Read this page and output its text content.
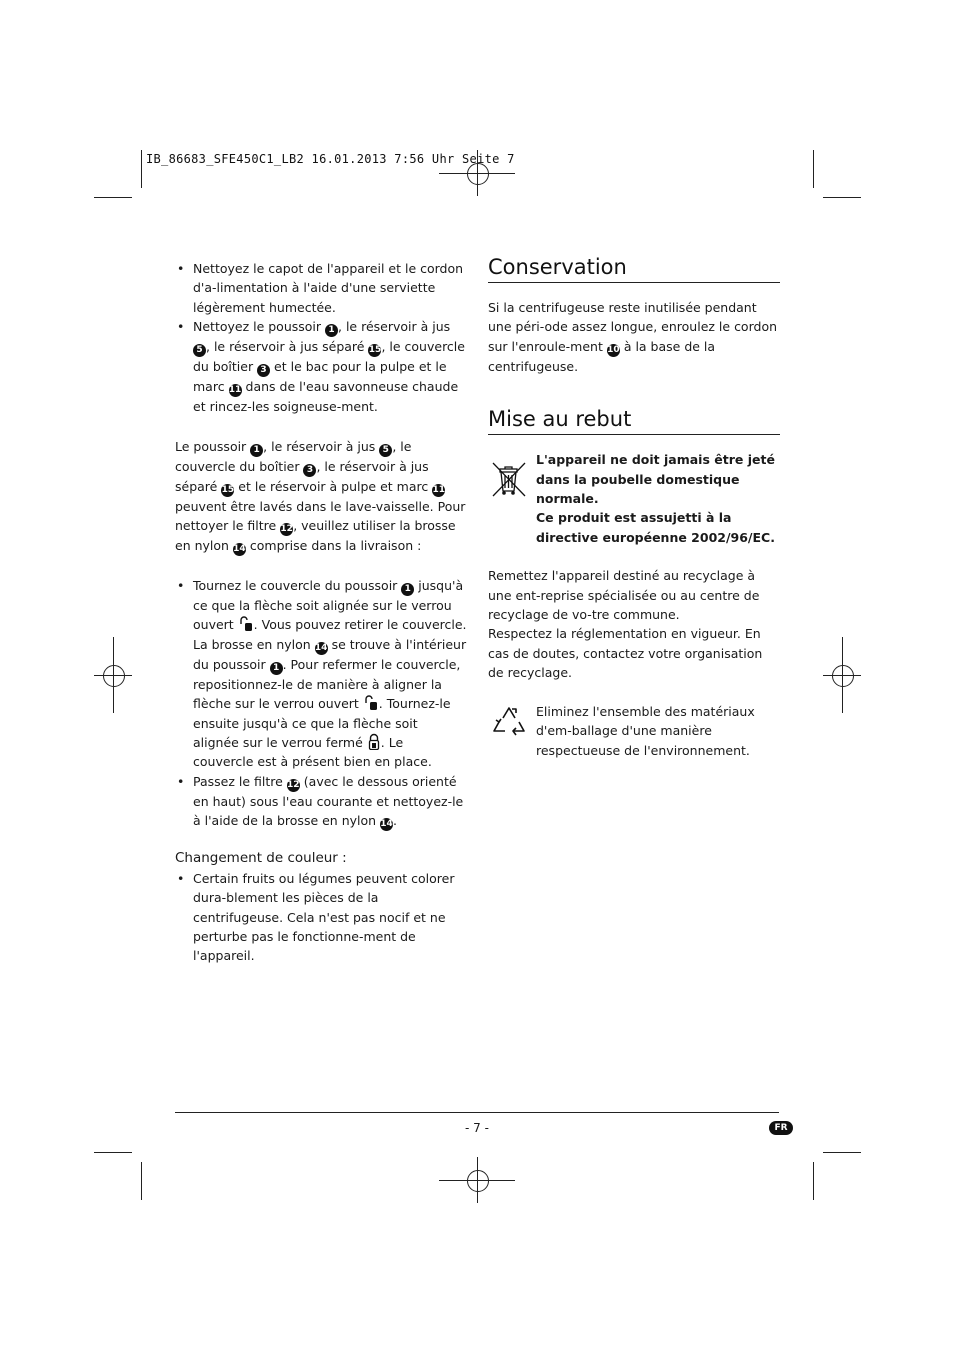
IB_86683_SFE450C1_LB2 16.01.2013 7:56 Uhr Seite 7
• Nettoyez le capot de l'appareil et le cordon d'a-limentation à l'aide d'une serviette légèrement humectée.
• Nettoyez le poussoir 1 , le réservoir à jus 5 , le réservoir à jus séparé 15, le couvercle du boîtier 3 et le bac pour la pulpe et le marc 11 dans de l'eau savonneuse chaude et rincez-les soigneuse-ment.

Le poussoir 1 , le réservoir à jus 5 , le couvercle du boîtier 3 , le réservoir à jus séparé 15 et le réservoir à pulpe et marc 11 peuvent être lavés dans le lave-vaisselle. Pour nettoyer le filtre 12, veuillez utiliser la brosse en nylon 14 comprise dans la livraison :

• Tournez le couvercle du poussoir 1 jusqu'à ce que la flèche soit alignée sur le verrou ouvert . Vous pouvez retirer le couvercle. La brosse en nylon 14 se trouve à l'intérieur du poussoir 1 . Pour refermer le couvercle, repositionnez-le de manière à aligner la flèche sur le verrou ouvert . Tournez-le ensuite jusqu'à ce que la flèche soit alignée sur le verrou fermé . Le couvercle est à présent bien en place.
• Passez le filtre 12 (avec le dessous orienté en haut) sous l'eau courante et nettoyez-le à l'aide de la brosse en nylon 14.

Changement de couleur :

• Certain fruits ou légumes peuvent colorer dura-blement les pièces de la centrifugeuse. Cela n'est pas nocif et ne perturbe pas le fonctionne-ment de l'appareil.
Conservation

Si la centrifugeuse reste inutilisée pendant une péri-ode assez longue, enroulez le cordon sur l'enroule-ment 10 à la base de la centrifugeuse.

Mise au rebut

L'appareil ne doit jamais être jeté dans la poubelle domestique normale.

Ce produit est assujetti à la directive européenne 2002/96/EC.

Remettez l'appareil destiné au recyclage à une ent-reprise spécialisée ou au centre de recyclage de vo-tre commune.

Respectez la réglementation en vigueur. En cas de doutes, contactez votre organisation de recyclage.

Eliminez l'ensemble des matériaux d'em-ballage d'une manière respectueuse de l'environnement.

- 7 -	FR
